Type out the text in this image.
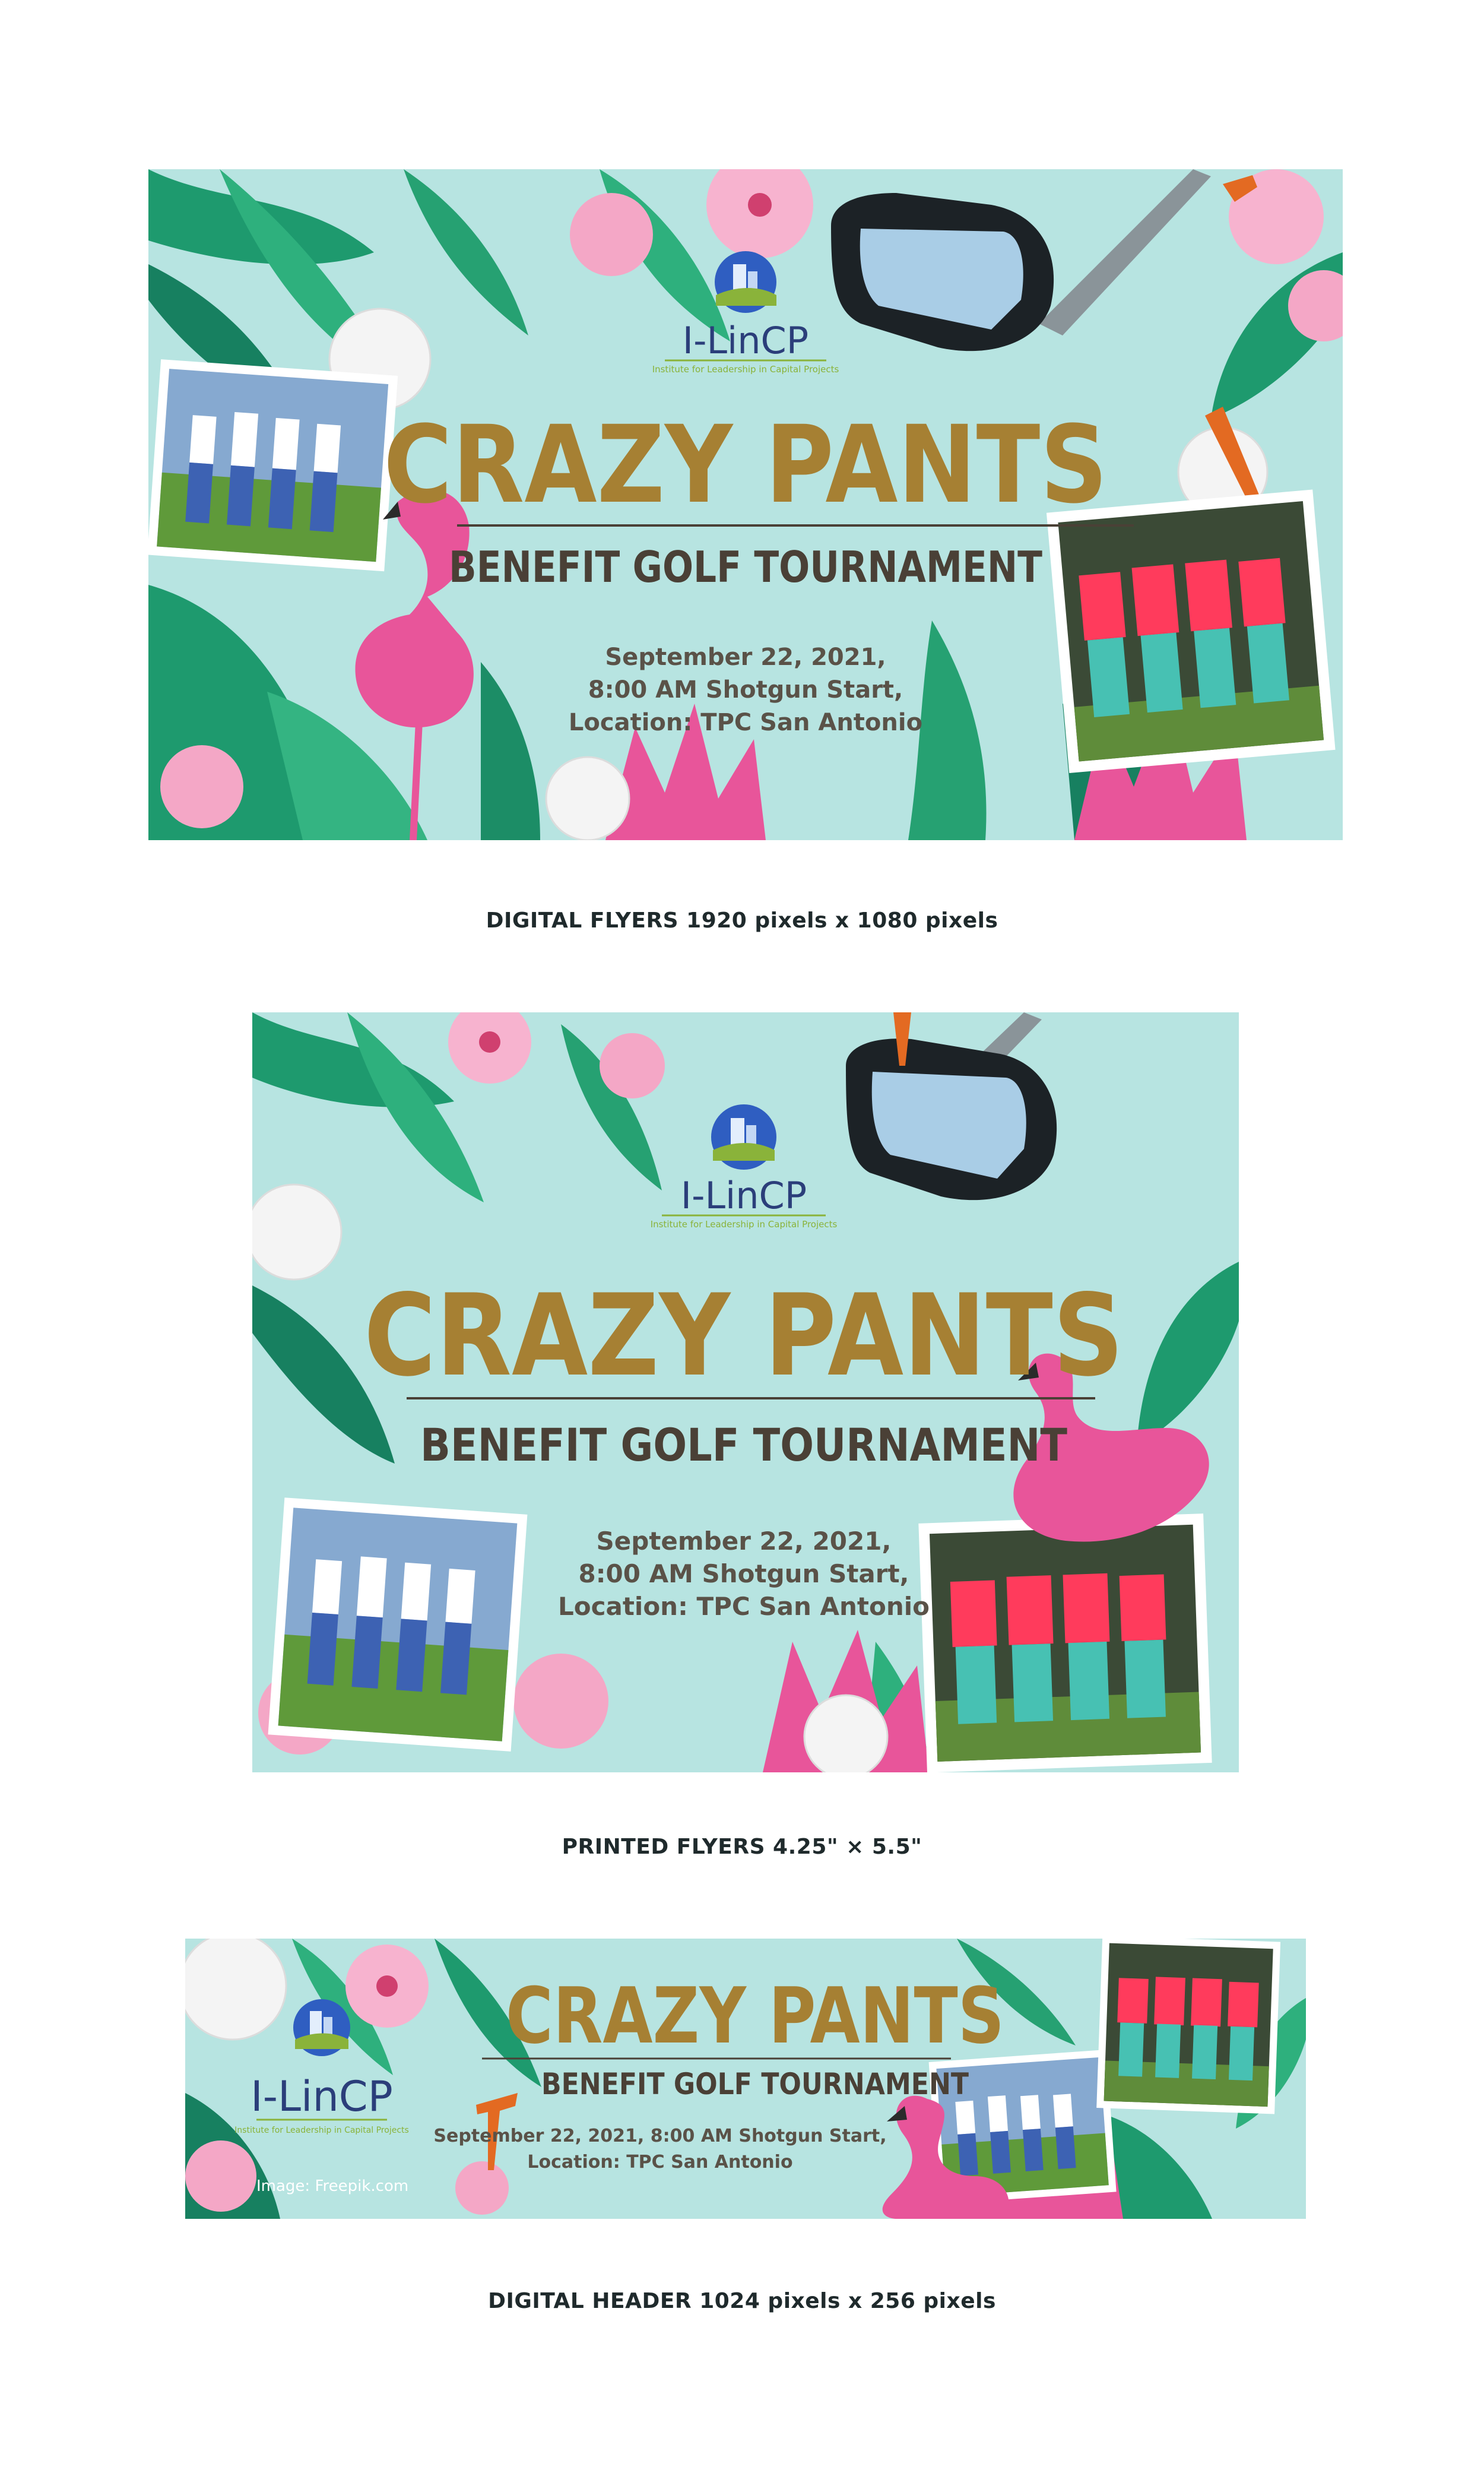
I-LinCP
Institute for Leadership in Capital Projects
CRAZY PANTS
BENEFIT GOLF TOURNAMENT
September 22, 2021,
8:00 AM Shotgun Start,
Location: TPC San Antonio
DIGITAL FLYERS 1920 pixels x 1080 pixels
I-LinCP
Institute for Leadership in Capital Projects
CRAZY PANTS
BENEFIT GOLF TOURNAMENT
September 22, 2021,
8:00 AM Shotgun Start,
Location: TPC San Antonio
PRINTED FLYERS 4.25" × 5.5"
I-LinCP
Institute for Leadership in Capital Projects
Image: Freepik.com
CRAZY PANTS
BENEFIT GOLF TOURNAMENT
September 22, 2021, 8:00 AM Shotgun Start,
Location: TPC San Antonio
DIGITAL HEADER 1024 pixels x 256 pixels
